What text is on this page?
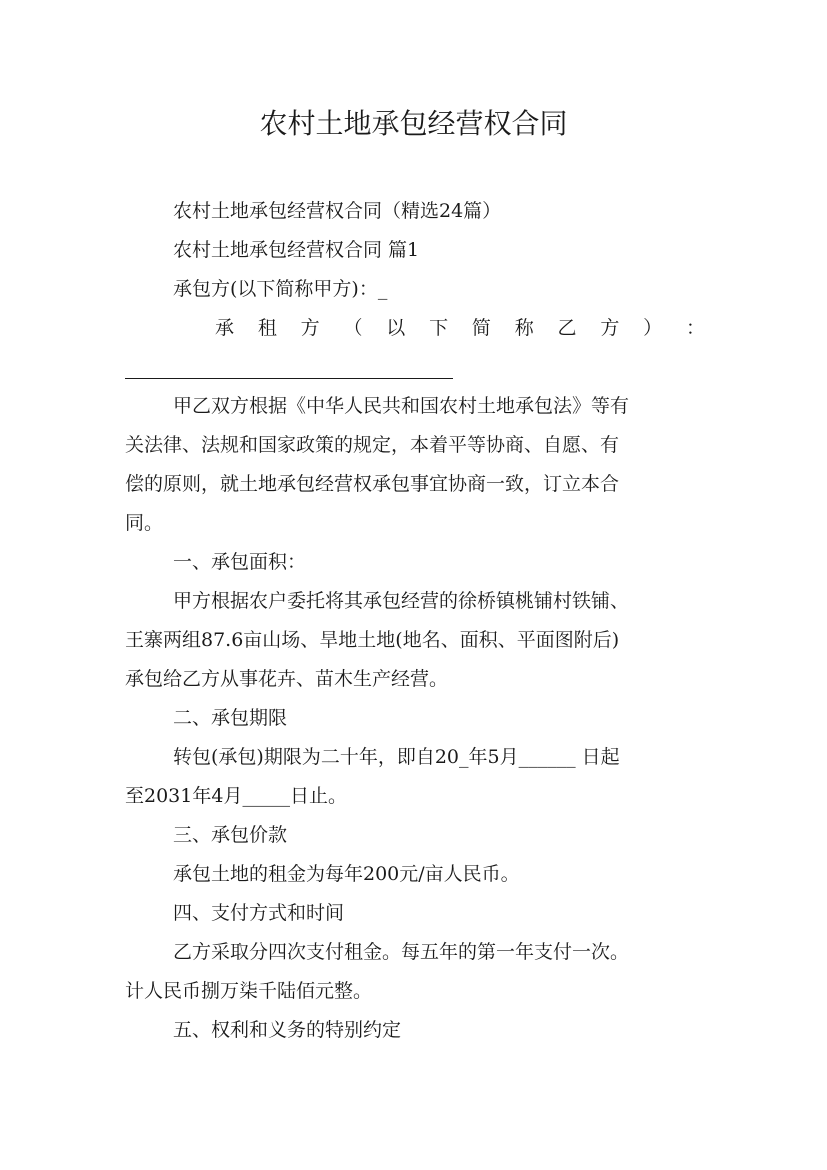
农村土地承包经营权合同
农村土地承包经营权合同（精选24篇）
农村土地承包经营权合同 篇1
承包方(以下简称甲方)：_
承 租 方 （ 以 下 简 称 乙 方 ） ：
甲乙双方根据《中华人民共和国农村土地承包法》等有
关法律、法规和国家政策的规定，本着平等协商、自愿、有
偿的原则，就土地承包经营权承包事宜协商一致，订立本合
同。
一、承包面积：
甲方根据农户委托将其承包经营的徐桥镇桃铺村铁铺、
王寨两组87.6亩山场、旱地土地(地名、面积、平面图附后)
承包给乙方从事花卉、苗木生产经营。
二、承包期限
转包(承包)期限为二十年，即自20_年5月______ 日起
至2031年4月_____日止。
三、承包价款
承包土地的租金为每年200元/亩人民币。
四、支付方式和时间
乙方采取分四次支付租金。每五年的第一年支付一次。
计人民币捌万柒千陆佰元整。
五、权利和义务的特别约定
